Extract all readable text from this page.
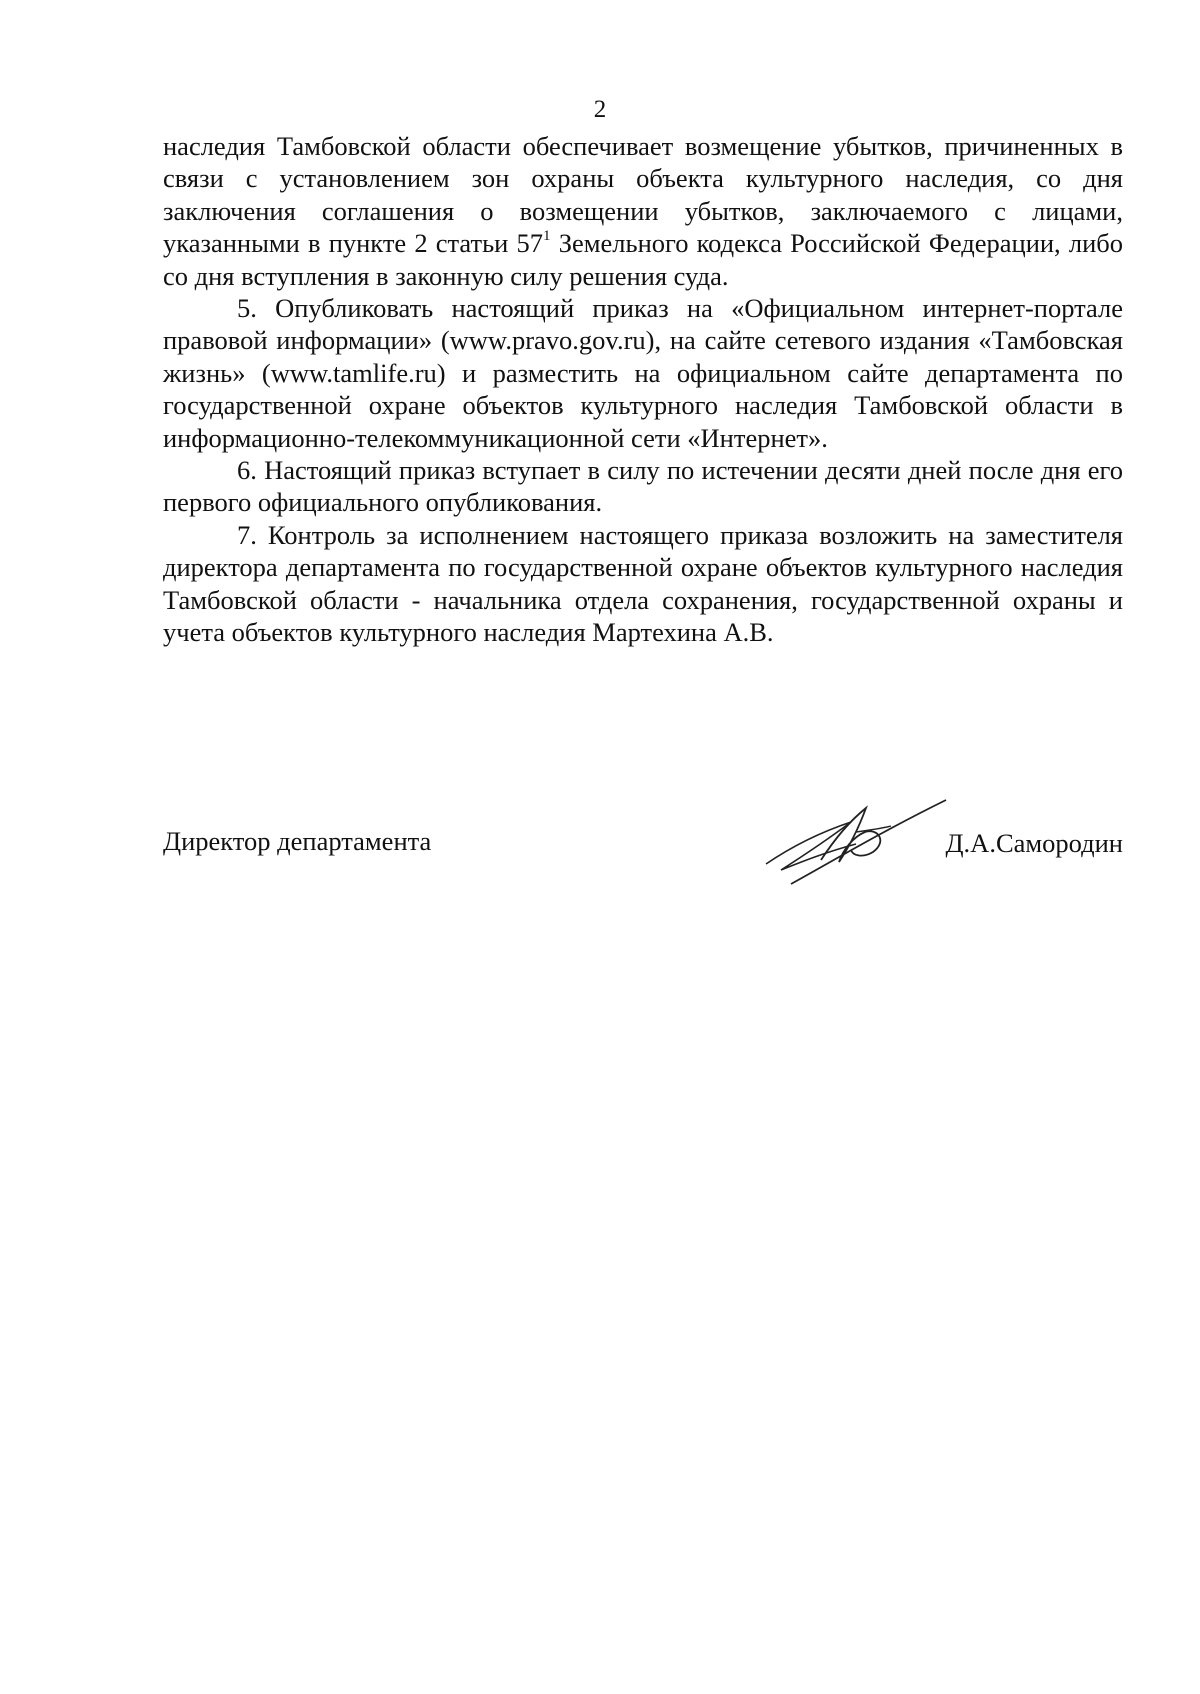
2

наследия Тамбовской области обеспечивает возмещение убытков, причиненных в связи с установлением зон охраны объекта культурного наследия, со дня заключения соглашения о возмещении убытков, заключаемого с лицами, указанными в пункте 2 статьи $57^1$ Земельного кодекса Российской Федерации, либо со дня вступления в законную силу решения суда.

5. Опубликовать настоящий приказ на «Официальном интернет-портале правовой информации» (www.pravo.gov.ru), на сайте сетевого издания «Тамбовская жизнь» (www.tamlife.ru) и разместить на официальном сайте департамента по государственной охране объектов культурного наследия Тамбовской области в информационно-телекоммуникационной сети «Интернет».

6. Настоящий приказ вступает в силу по истечении десяти дней после дня его первого официального опубликования.

7. Контроль за исполнением настоящего приказа возложить на заместителя директора департамента по государственной охране объектов культурного наследия Тамбовской области - начальника отдела сохранения, государственной охраны и учета объектов культурного наследия Мартехина А.В.

Директор департамента	Д.А.Самородин
